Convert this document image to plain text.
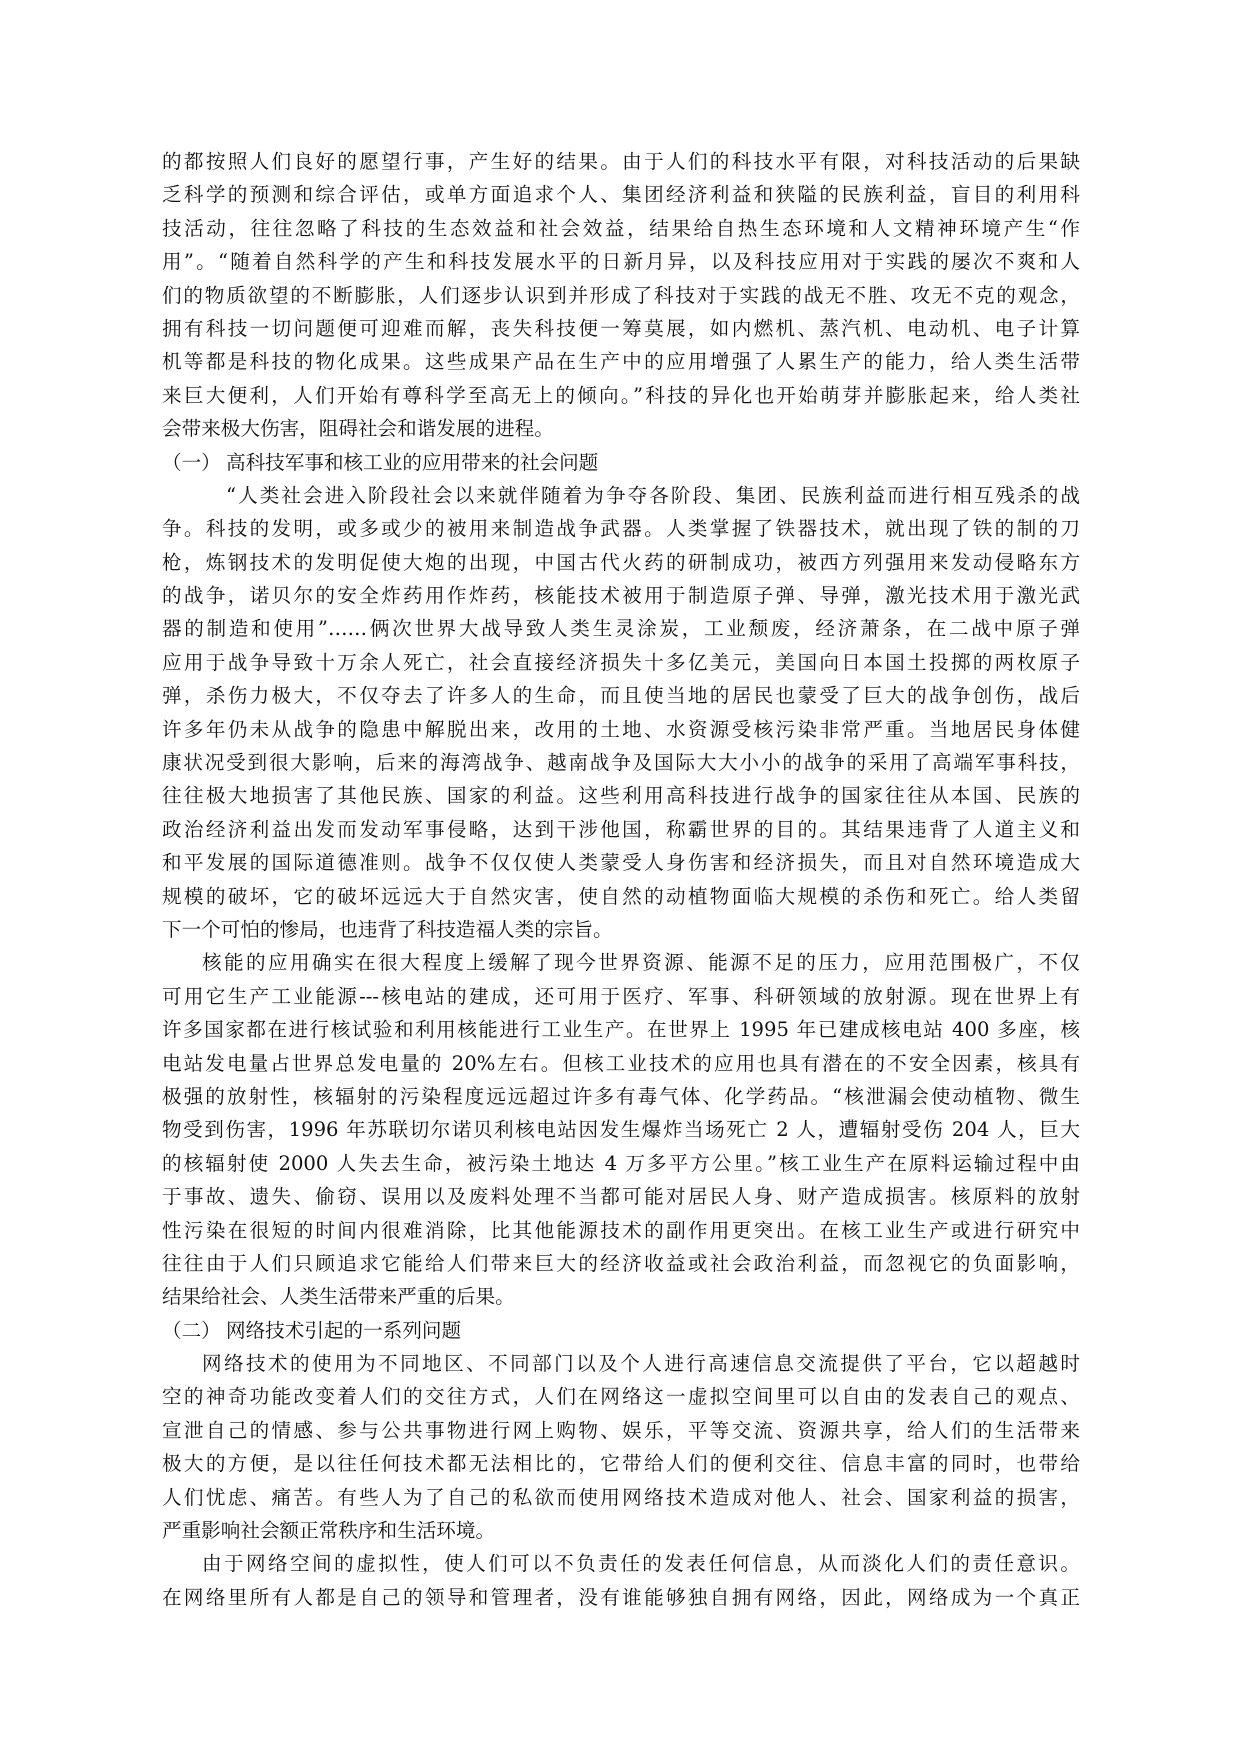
的都按照人们良好的愿望行事，产生好的结果。由于人们的科技水平有限，对科技活动的后果缺
乏科学的预测和综合评估，或单方面追求个人、集团经济利益和狭隘的民族利益，盲目的利用科
技活动，往往忽略了科技的生态效益和社会效益，结果给自热生态环境和人文精神环境产生“作
用”。“随着自然科学的产生和科技发展水平的日新月异，以及科技应用对于实践的屡次不爽和人
们的物质欲望的不断膨胀，人们逐步认识到并形成了科技对于实践的战无不胜、攻无不克的观念，
拥有科技一切问题便可迎难而解，丧失科技便一筹莫展，如内燃机、蒸汽机、电动机、电子计算
机等都是科技的物化成果。这些成果产品在生产中的应用增强了人累生产的能力，给人类生活带
来巨大便利，人们开始有尊科学至高无上的倾向。”科技的异化也开始萌芽并膨胀起来，给人类社
会带来极大伤害，阻碍社会和谐发展的进程。
（一） 高科技军事和核工业的应用带来的社会问题
“人类社会进入阶段社会以来就伴随着为争夺各阶段、集团、民族利益而进行相互残杀的战
争。科技的发明，或多或少的被用来制造战争武器。人类掌握了铁器技术，就出现了铁的制的刀
枪，炼钢技术的发明促使大炮的出现，中国古代火药的研制成功，被西方列强用来发动侵略东方
的战争，诺贝尔的安全炸药用作炸药，核能技术被用于制造原子弹、导弹，激光技术用于激光武
器的制造和使用”……俩次世界大战导致人类生灵涂炭，工业颓废，经济萧条，在二战中原子弹
应用于战争导致十万余人死亡，社会直接经济损失十多亿美元，美国向日本国土投掷的两枚原子
弹，杀伤力极大，不仅夺去了许多人的生命，而且使当地的居民也蒙受了巨大的战争创伤，战后
许多年仍未从战争的隐患中解脱出来，改用的土地、水资源受核污染非常严重。当地居民身体健
康状况受到很大影响，后来的海湾战争、越南战争及国际大大小小的战争的采用了高端军事科技，
往往极大地损害了其他民族、国家的利益。这些利用高科技进行战争的国家往往从本国、民族的
政治经济利益出发而发动军事侵略，达到干涉他国，称霸世界的目的。其结果违背了人道主义和
和平发展的国际道德准则。战争不仅仅使人类蒙受人身伤害和经济损失，而且对自然环境造成大
规模的破坏，它的破坏远远大于自然灾害，使自然的动植物面临大规模的杀伤和死亡。给人类留
下一个可怕的惨局，也违背了科技造福人类的宗旨。
核能的应用确实在很大程度上缓解了现今世界资源、能源不足的压力，应用范围极广，不仅
可用它生产工业能源---核电站的建成，还可用于医疗、军事、科研领域的放射源。现在世界上有
许多国家都在进行核试验和利用核能进行工业生产。在世界上 1995 年已建成核电站 400 多座，核
电站发电量占世界总发电量的 20%左右。但核工业技术的应用也具有潜在的不安全因素，核具有
极强的放射性，核辐射的污染程度远远超过许多有毒气体、化学药品。“核泄漏会使动植物、微生
物受到伤害，1996 年苏联切尔诺贝利核电站因发生爆炸当场死亡 2 人，遭辐射受伤 204 人，巨大
的核辐射使 2000 人失去生命，被污染土地达 4 万多平方公里。”核工业生产在原料运输过程中由
于事故、遗失、偷窃、误用以及废料处理不当都可能对居民人身、财产造成损害。核原料的放射
性污染在很短的时间内很难消除，比其他能源技术的副作用更突出。在核工业生产或进行研究中
往往由于人们只顾追求它能给人们带来巨大的经济收益或社会政治利益，而忽视它的负面影响，
结果给社会、人类生活带来严重的后果。
（二） 网络技术引起的一系列问题
网络技术的使用为不同地区、不同部门以及个人进行高速信息交流提供了平台，它以超越时
空的神奇功能改变着人们的交往方式，人们在网络这一虚拟空间里可以自由的发表自己的观点、
宣泄自己的情感、参与公共事物进行网上购物、娱乐，平等交流、资源共享，给人们的生活带来
极大的方便，是以往任何技术都无法相比的，它带给人们的便利交往、信息丰富的同时，也带给
人们忧虑、痛苦。有些人为了自己的私欲而使用网络技术造成对他人、社会、国家利益的损害，
严重影响社会额正常秩序和生活环境。
由于网络空间的虚拟性，使人们可以不负责任的发表任何信息，从而淡化人们的责任意识。
在网络里所有人都是自己的领导和管理者，没有谁能够独自拥有网络，因此，网络成为一个真正
